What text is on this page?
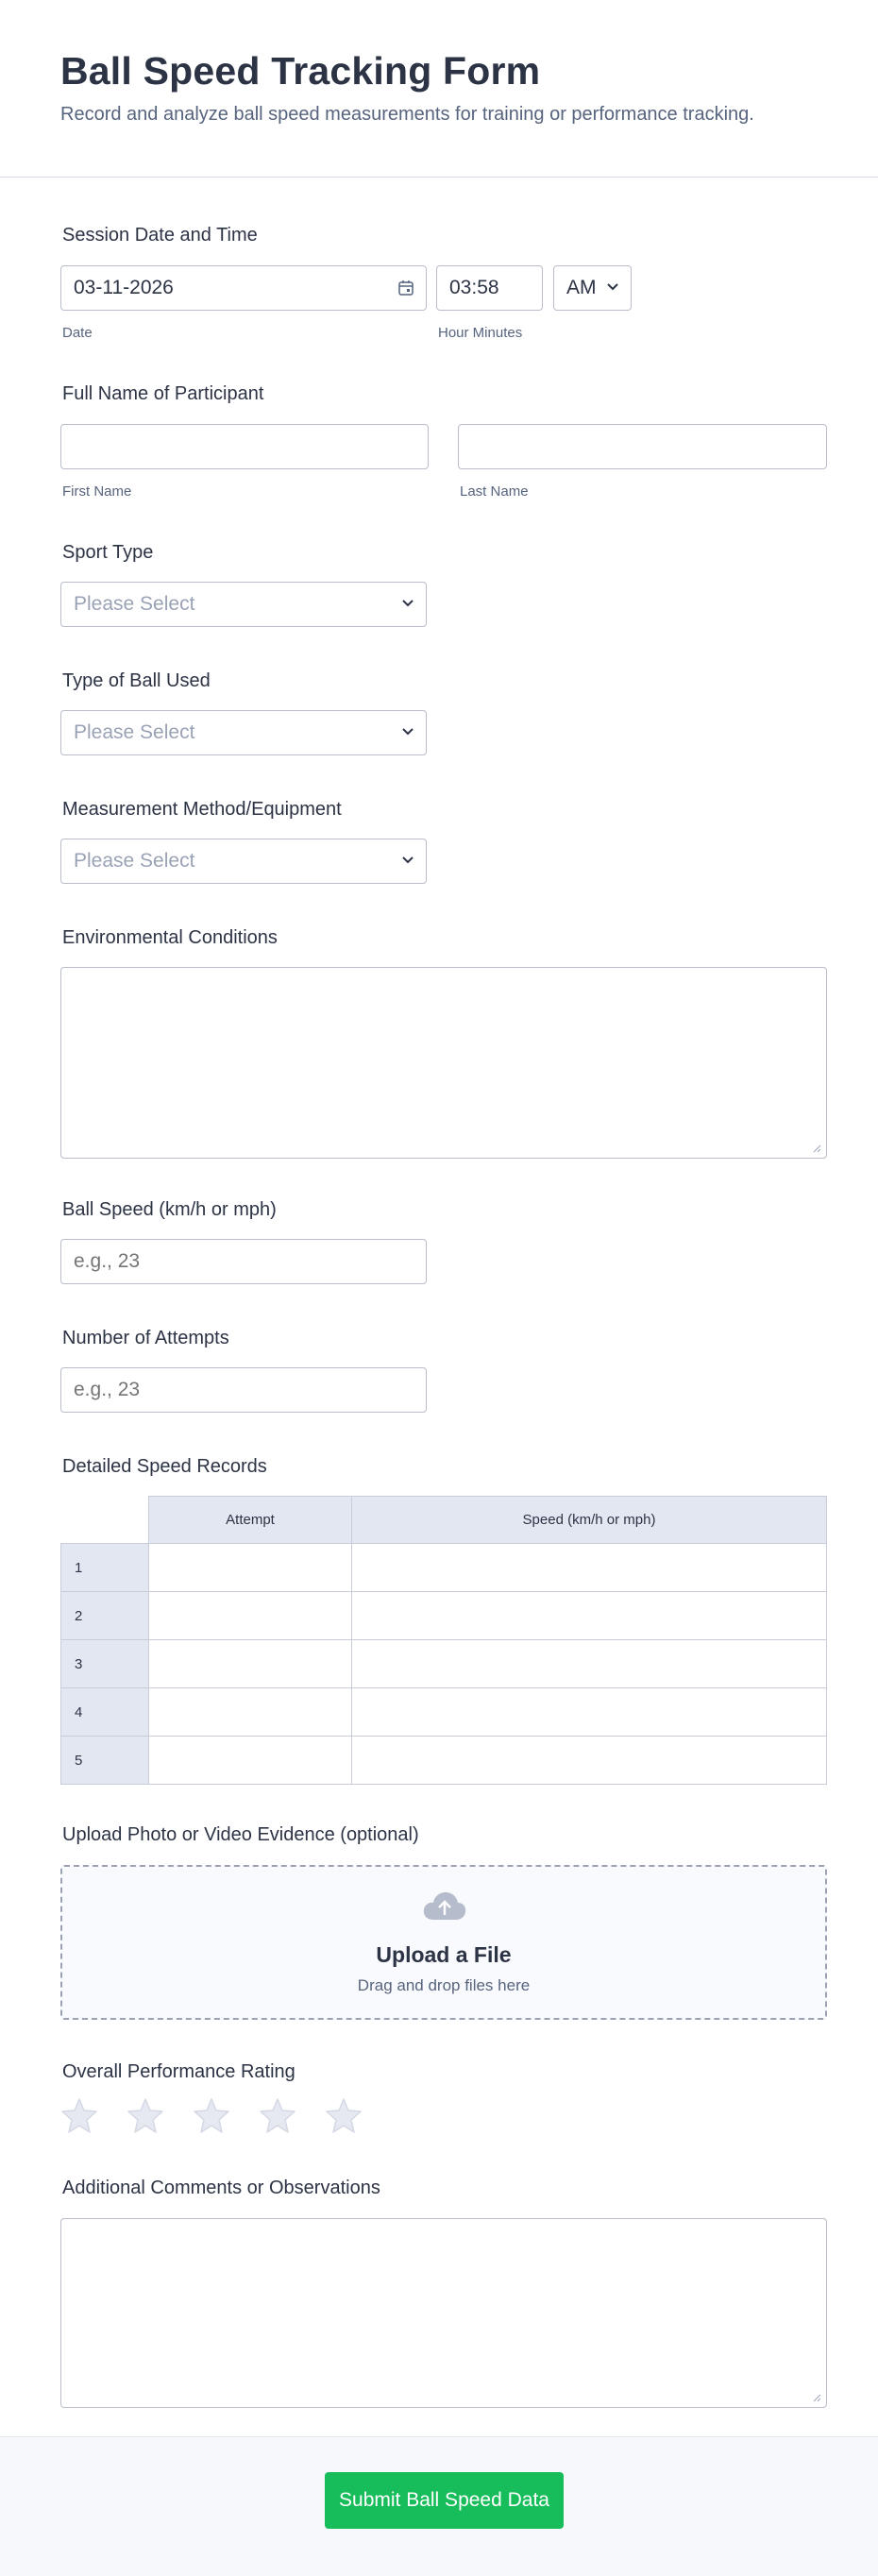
Ball Speed Tracking Form
Record and analyze ball speed measurements for training or performance tracking.
Session Date and Time
03-11-2026
Date
03:58
Hour Minutes
AM
Full Name of Participant
First Name	Last Name
Sport Type
Please Select
Type of Ball Used
Please Select
Measurement Method/Equipment
Please Select
Environmental Conditions
Ball Speed (km/h or mph)
e.g., 23
Number of Attempts
e.g., 23
Detailed Speed Records
	Attempt	Speed (km/h or mph)
1		
2		
3		
4		
5		
Upload Photo or Video Evidence (optional)
Upload a File
Drag and drop files here
Overall Performance Rating
Additional Comments or Observations
Submit Ball Speed Data
